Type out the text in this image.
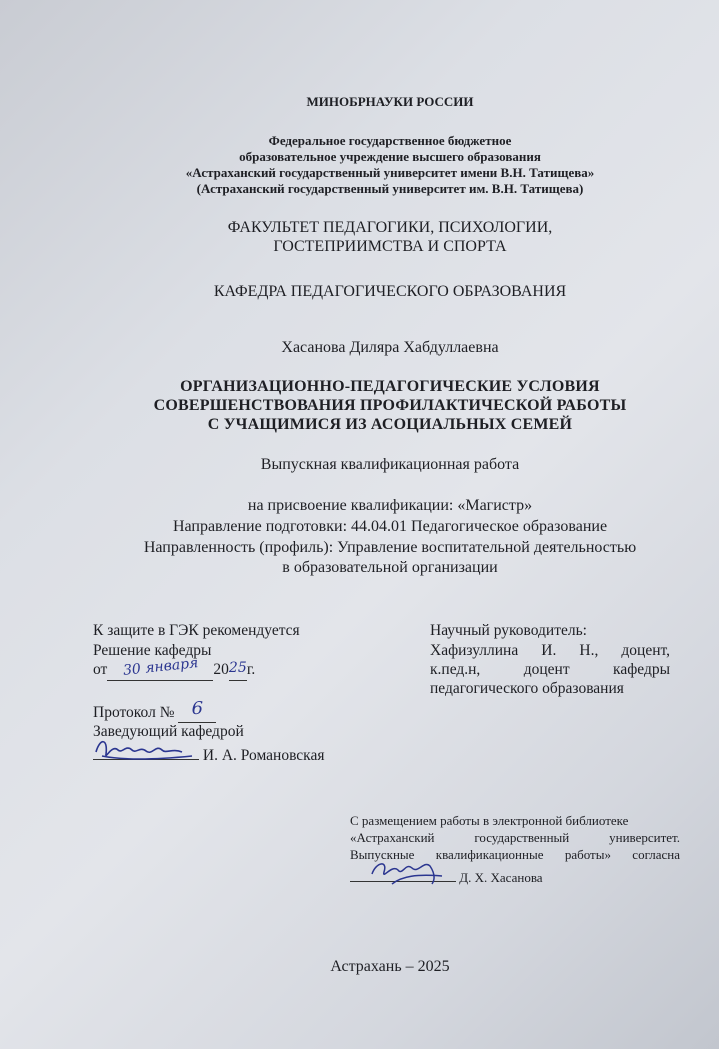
МИНОБРНАУКИ РОССИИ
Федеральное государственное бюджетное
образовательное учреждение высшего образования
«Астраханский государственный университет имени В.Н. Татищева»
(Астраханский государственный университет им. В.Н. Татищева)
ФАКУЛЬТЕТ ПЕДАГОГИКИ, ПСИХОЛОГИИ,
ГОСТЕПРИИМСТВА И СПОРТА
КАФЕДРА ПЕДАГОГИЧЕСКОГО ОБРАЗОВАНИЯ
Хасанова Диляра Хабдуллаевна
ОРГАНИЗАЦИОННО-ПЕДАГОГИЧЕСКИЕ УСЛОВИЯ
СОВЕРШЕНСТВОВАНИЯ ПРОФИЛАКТИЧЕСКОЙ РАБОТЫ
С УЧАЩИМИСЯ ИЗ АСОЦИАЛЬНЫХ СЕМЕЙ
Выпускная квалификационная работа
на присвоение квалификации: «Магистр»
Направление подготовки: 44.04.01 Педагогическое образование
Направленность (профиль): Управление воспитательной деятельностью
в образовательной организации
К защите в ГЭК рекомендуется
Решение кафедры
от 30 января 2025г.
Протокол № 6
Заведующий кафедрой
И. А. Романовская
Научный руководитель:
Хафизуллина И. Н., доцент,
к.пед.н, доцент кафедры
педагогического образования
С размещением работы в электронной библиотеке
«Астраханский государственный университет.
Выпускные квалификационные работы» согласна
Д. Х. Хасанова
Астрахань – 2025
